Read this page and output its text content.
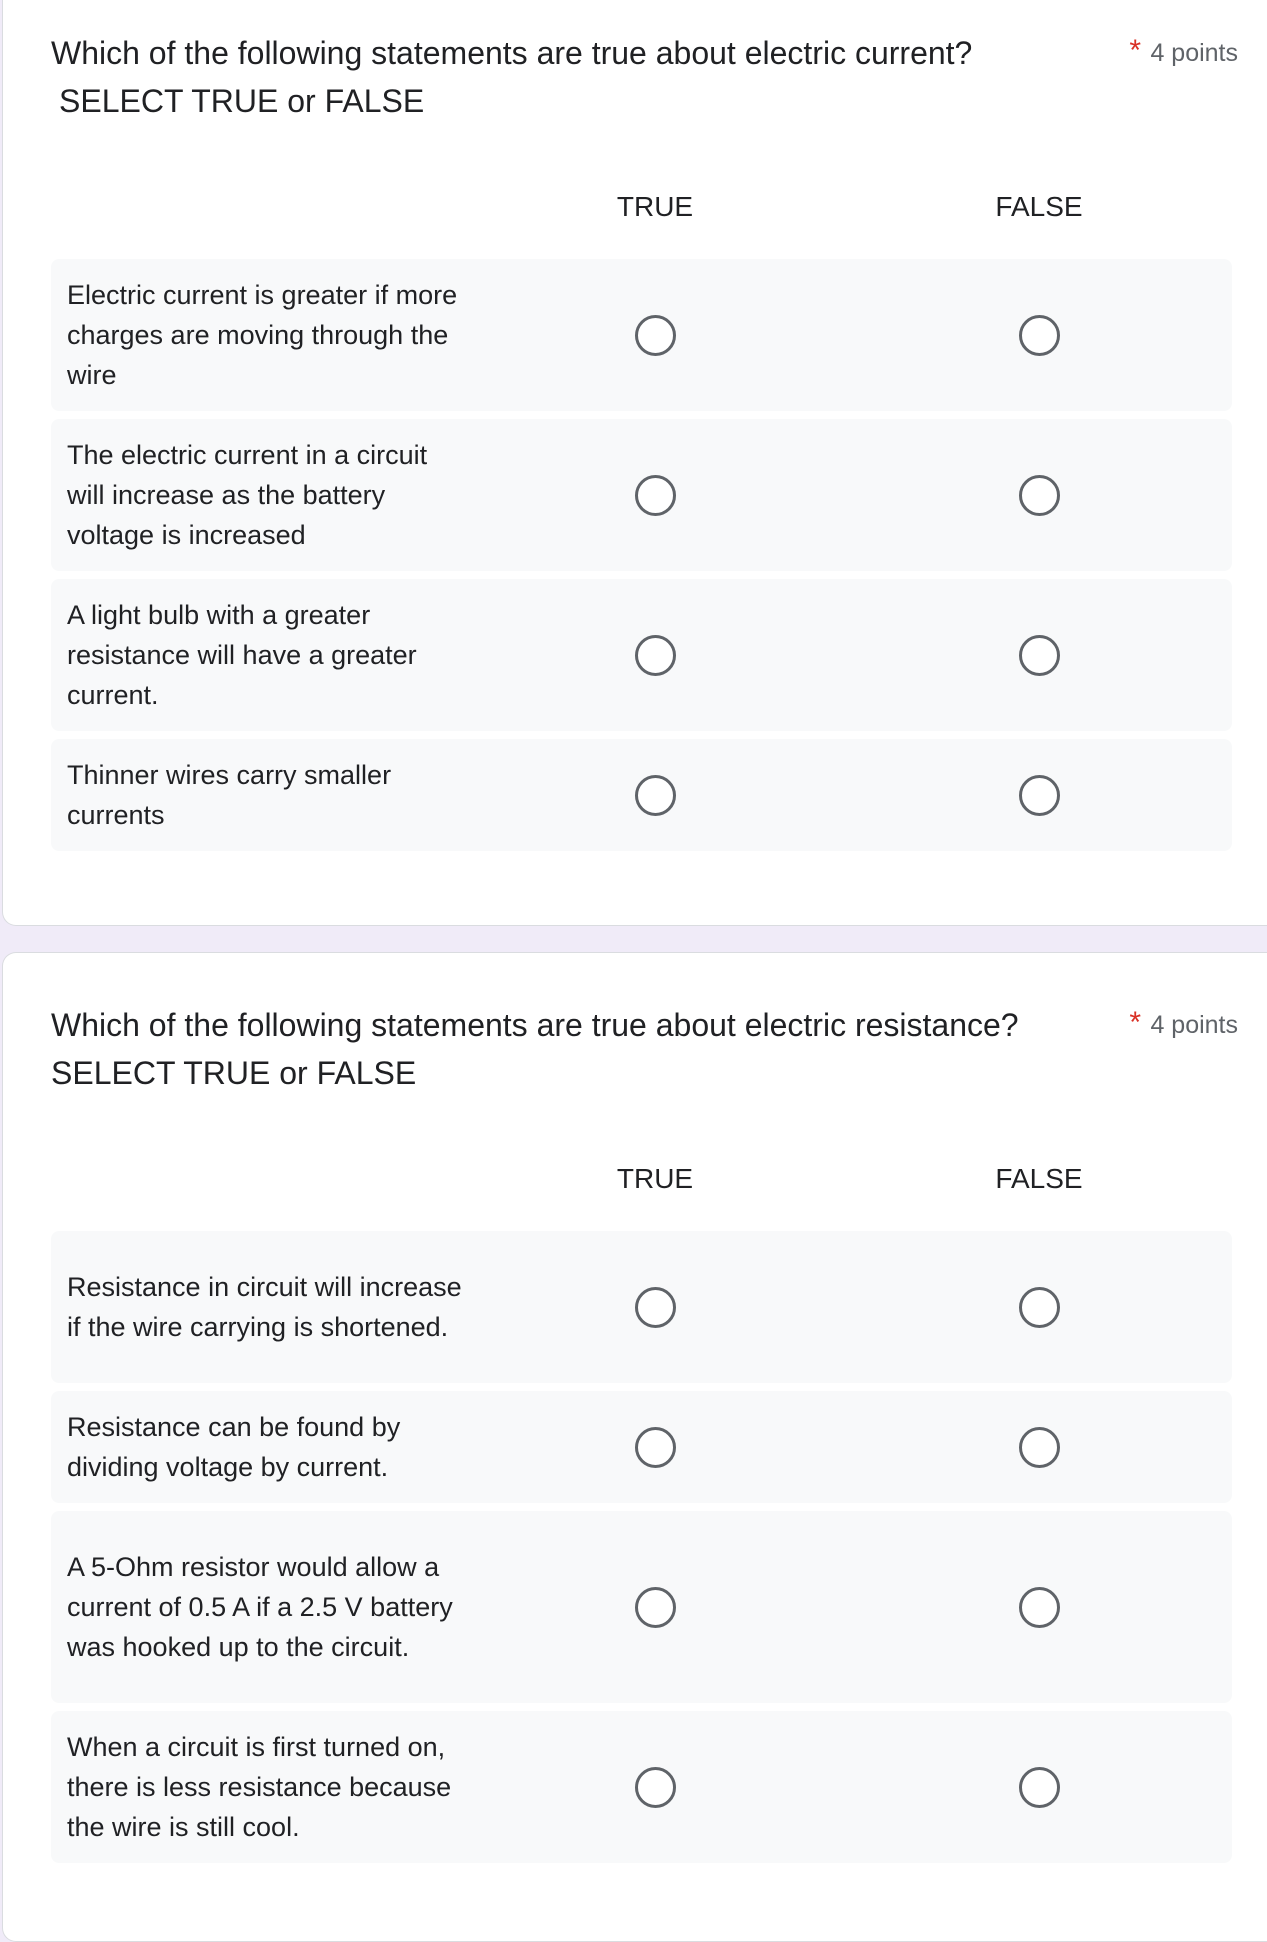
Which of the following statements are true about electric current?
SELECT TRUE or FALSE
* 4 points
TRUE	FALSE
Electric current is greater if more charges are moving through the wire
The electric current in a circuit will increase as the battery voltage is increased
A light bulb with a greater resistance will have a greater current.
Thinner wires carry smaller currents
Which of the following statements are true about electric resistance?
SELECT TRUE or FALSE
* 4 points
TRUE	FALSE
Resistance in circuit will increase if the wire carrying is shortened.
Resistance can be found by dividing voltage by current.
A 5-Ohm resistor would allow a current of 0.5 A if a 2.5 V battery was hooked up to the circuit.
When a circuit is first turned on, there is less resistance because the wire is still cool.
